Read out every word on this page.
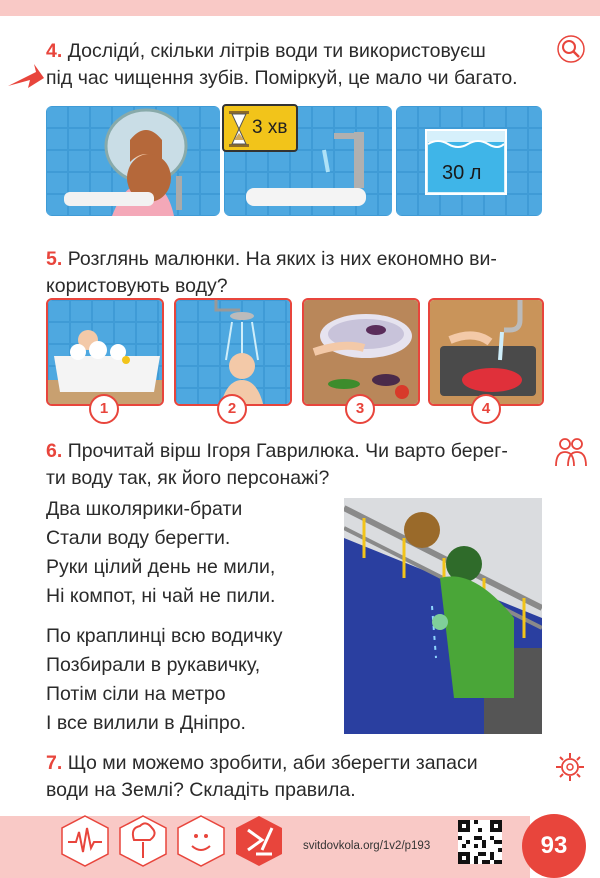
4. Досліди́, скільки літрів води ти використовуєш
під час чищення зубів. Поміркуй, це мало чи багато.
3 хв
30 л
5. Розглянь малюнки. На яких із них економно ви-
користовують воду?
1	2	3	4
6. Прочитай вірш Ігоря Гаврилюка. Чи варто берег-
ти воду так, як його персонажі?
Два школярики-брати
Стали воду берегти.
Руки цілий день не мили,
Ні компот, ні чай не пили.
По краплинці всю водичку
Позбирали в рукавичку,
Потім сіли на метро
І все вилили в Дніпро.
7. Що ми можемо зробити, аби зберегти запаси
води на Землі? Складіть правила.
svitdovkola.org/1v2/p193	93
